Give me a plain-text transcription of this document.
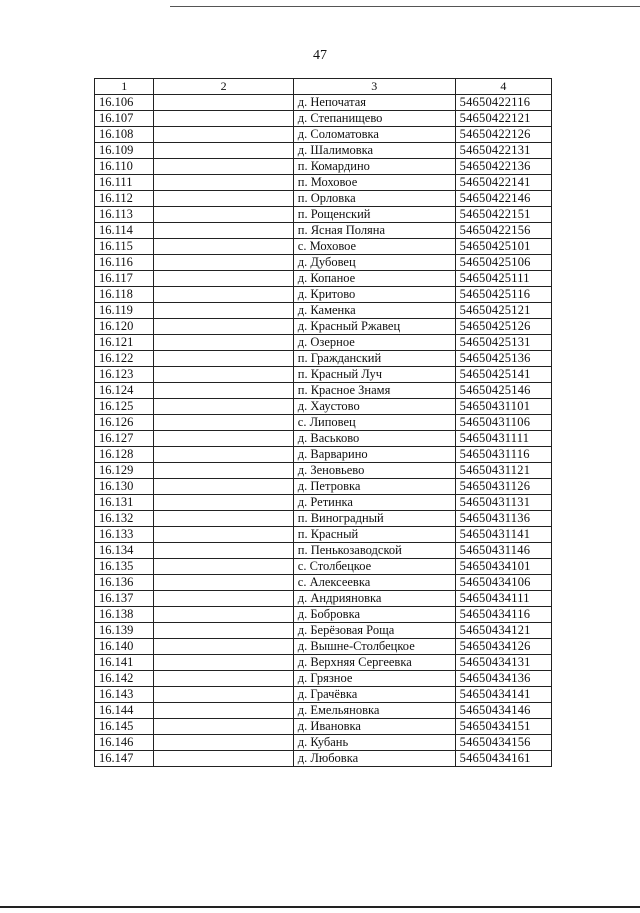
47
1	2	3	4
16.106		д. Непочатая	54650422116
16.107		д. Степанищево	54650422121
16.108		д. Соломатовка	54650422126
16.109		д. Шалимовка	54650422131
16.110		п. Комардино	54650422136
16.111		п. Моховое	54650422141
16.112		п. Орловка	54650422146
16.113		п. Рощенский	54650422151
16.114		п. Ясная Поляна	54650422156
16.115		с. Моховое	54650425101
16.116		д. Дубовец	54650425106
16.117		д. Копаное	54650425111
16.118		д. Критово	54650425116
16.119		д. Каменка	54650425121
16.120		д. Красный Ржавец	54650425126
16.121		д. Озерное	54650425131
16.122		п. Гражданский	54650425136
16.123		п. Красный Луч	54650425141
16.124		п. Красное Знамя	54650425146
16.125		д. Хаустово	54650431101
16.126		с. Липовец	54650431106
16.127		д. Васьково	54650431111
16.128		д. Варварино	54650431116
16.129		д. Зеновьево	54650431121
16.130		д. Петровка	54650431126
16.131		д. Ретинка	54650431131
16.132		п. Виноградный	54650431136
16.133		п. Красный	54650431141
16.134		п. Пенькозаводской	54650431146
16.135		с. Столбецкое	54650434101
16.136		с. Алексеевка	54650434106
16.137		д. Андрияновка	54650434111
16.138		д. Бобровка	54650434116
16.139		д. Берёзовая Роща	54650434121
16.140		д. Вышне-Столбецкое	54650434126
16.141		д. Верхняя Сергеевка	54650434131
16.142		д. Грязное	54650434136
16.143		д. Грачёвка	54650434141
16.144		д. Емельяновка	54650434146
16.145		д. Ивановка	54650434151
16.146		д. Кубань	54650434156
16.147		д. Любовка	54650434161
